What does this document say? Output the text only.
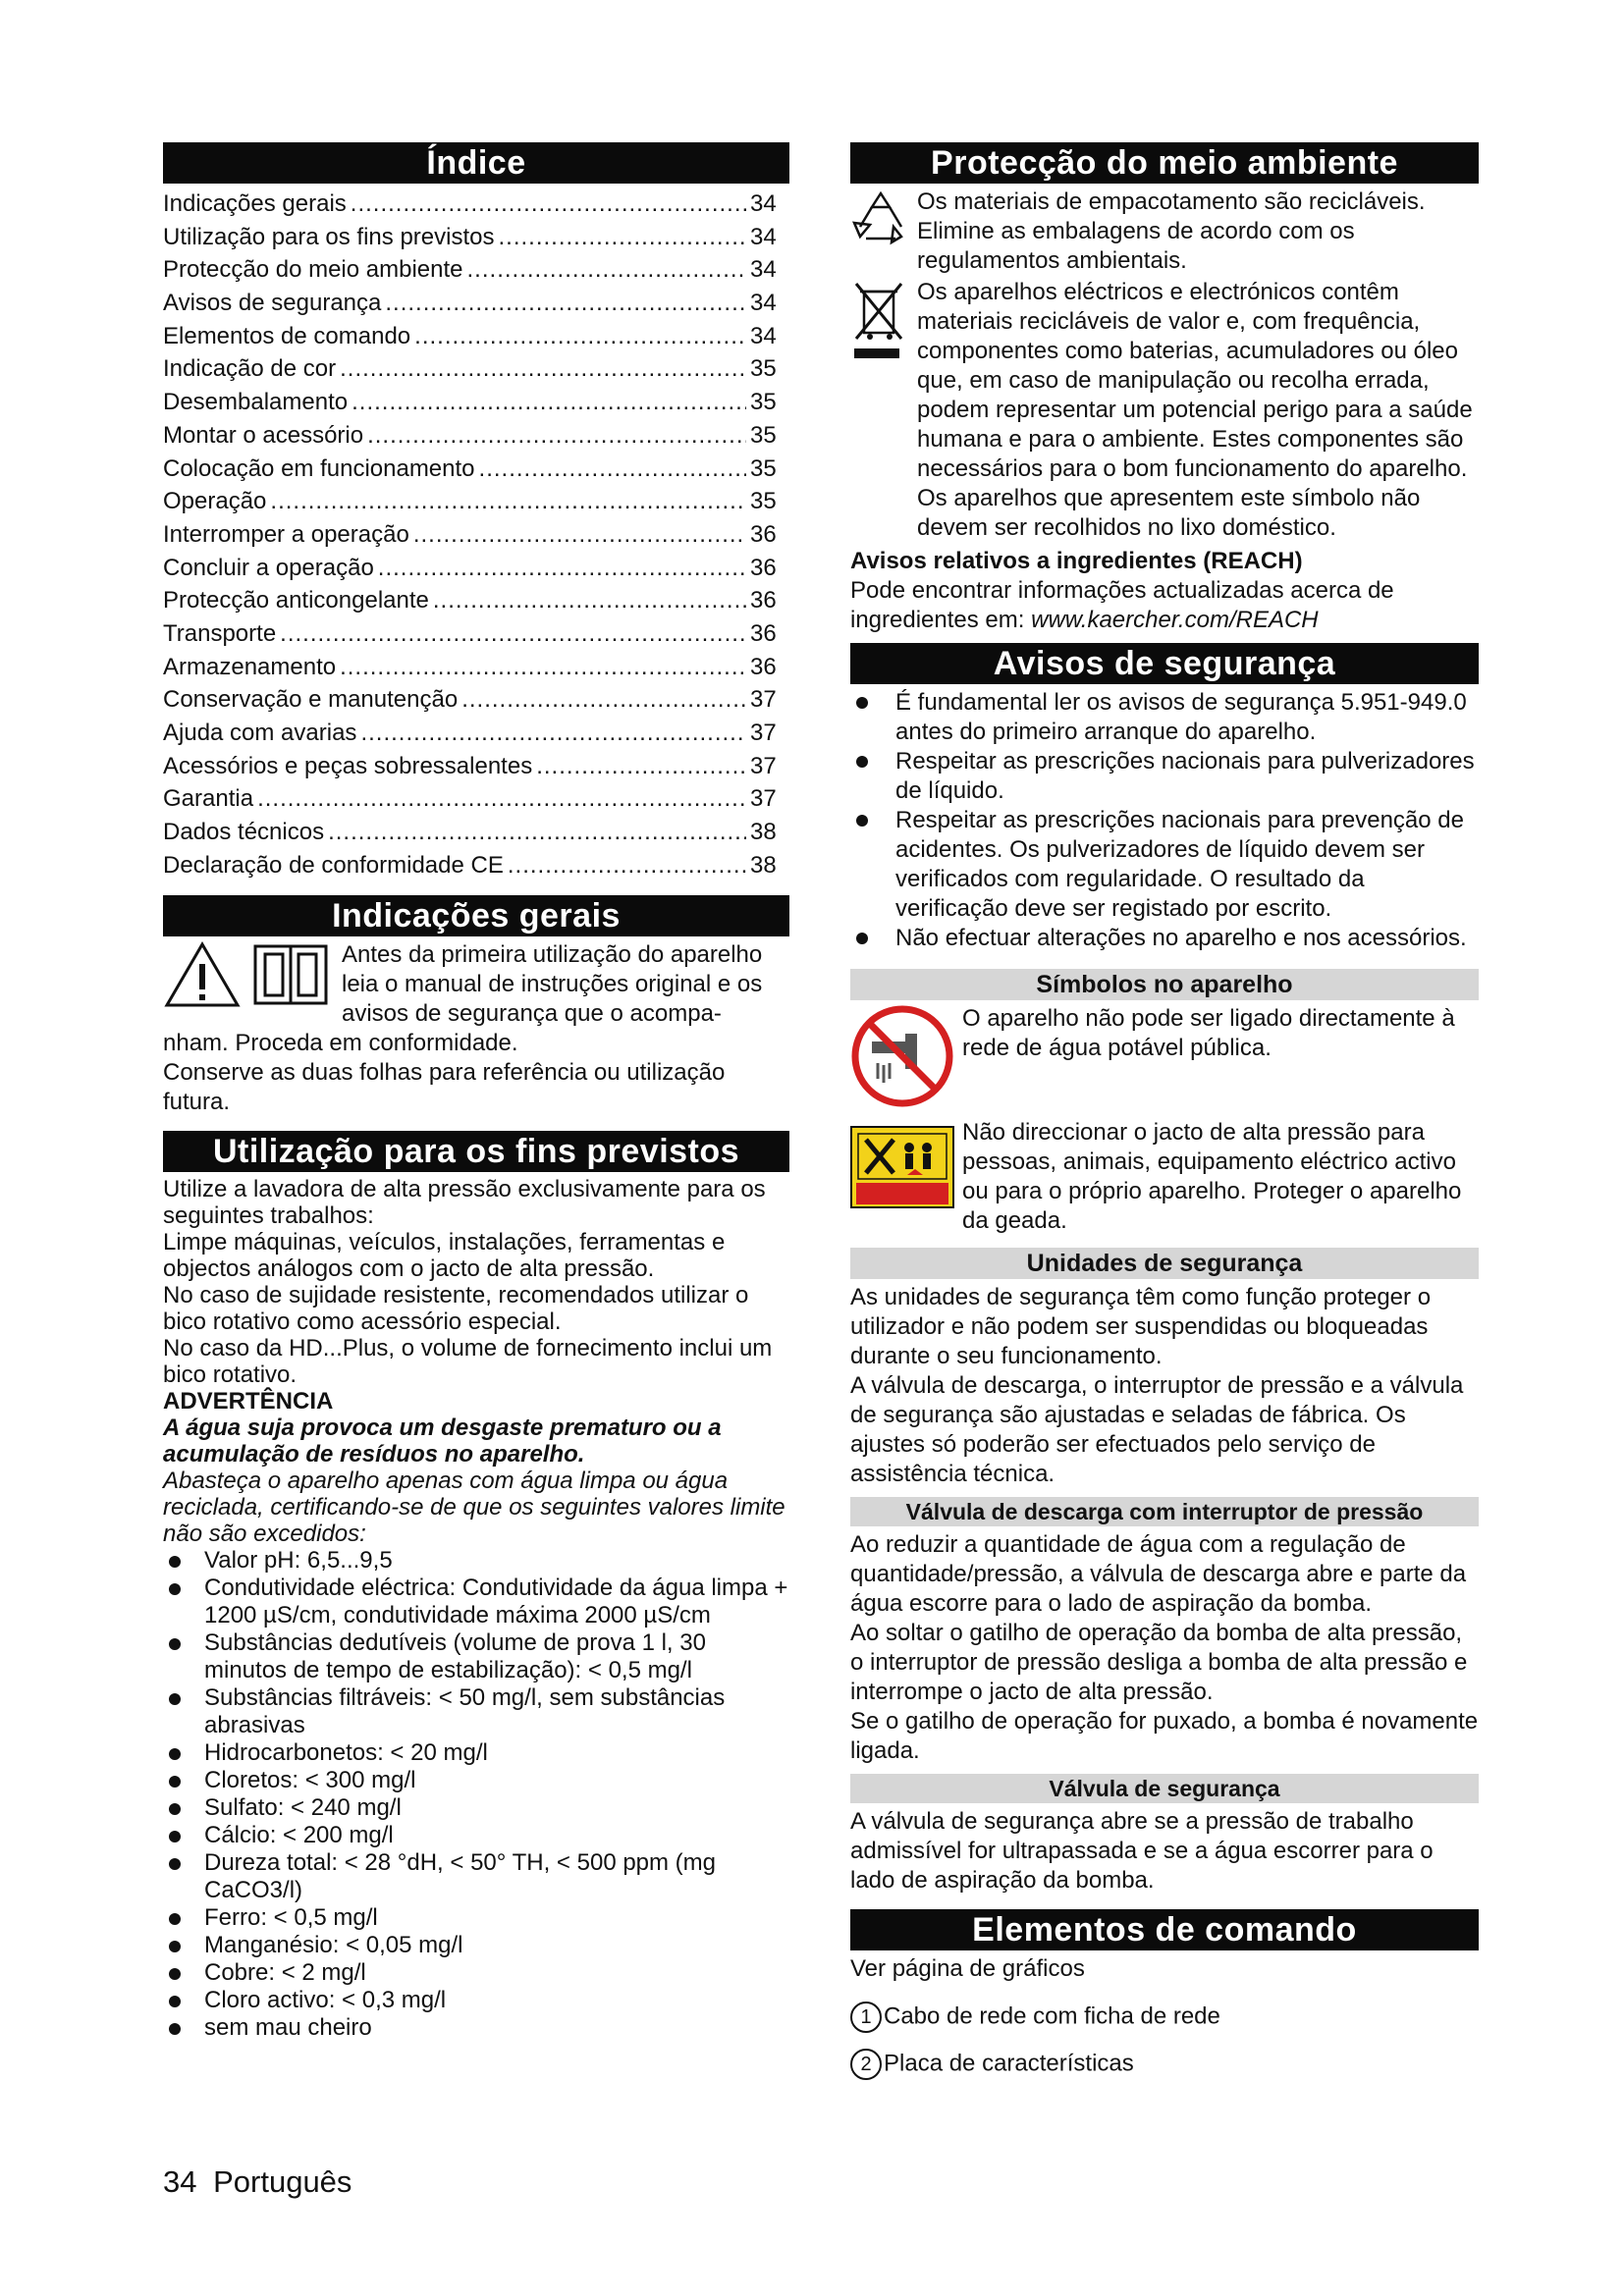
Índice
Indicações gerais .....	34
Utilização para os fins previstos .....	34
Protecção do meio ambiente .....	34
Avisos de segurança .....	34
Elementos de comando .....	34
Indicação de cor .....	35
Desembalamento .....	35
Montar o acessório .....	35
Colocação em funcionamento .....	35
Operação .....	35
Interromper a operação .....	36
Concluir a operação .....	36
Protecção anticongelante .....	36
Transporte .....	36
Armazenamento .....	36
Conservação e manutenção .....	37
Ajuda com avarias .....	37
Acessórios e peças sobressalentes .....	37
Garantia .....	37
Dados técnicos .....	38
Declaração de conformidade CE .....	38
Indicações gerais

Antes da primeira utilização do aparelho leia o manual de instruções original e os avisos de segurança que o acompa-

nham. Proceda em conformidade.

Conserve as duas folhas para referência ou utilização futura.

Utilização para os fins previstos

Utilize a lavadora de alta pressão exclusivamente para os seguintes trabalhos:

Limpe máquinas, veículos, instalações, ferramentas e objectos análogos com o jacto de alta pressão.

No caso de sujidade resistente, recomendados utilizar o bico rotativo como acessório especial.

No caso da HD...Plus, o volume de fornecimento inclui um bico rotativo.

ADVERTÊNCIA

A água suja provoca um desgaste prematuro ou a acumulação de resíduos no aparelho.

Abasteça o aparelho apenas com água limpa ou água reciclada, certificando-se de que os seguintes valores limite não são excedidos:

Valor pH: 6,5...9,5
Condutividade eléctrica: Condutividade da água limpa + 1200 µS/cm, condutividade máxima 2000 µS/cm
Substâncias dedutíveis (volume de prova 1 l, 30 minutos de tempo de estabilização): < 0,5 mg/l
Substâncias filtráveis: < 50 mg/l, sem substâncias abrasivas
Hidrocarbonetos: < 20 mg/l
Cloretos: < 300 mg/l
Sulfato: < 240 mg/l
Cálcio: < 200 mg/l
Dureza total: < 28 °dH, < 50° TH, < 500 ppm (mg CaCO3/l)
Ferro: < 0,5 mg/l
Manganésio: < 0,05 mg/l
Cobre: < 2 mg/l
Cloro activo: < 0,3 mg/l
sem mau cheiro
Protecção do meio ambiente

Os materiais de empacotamento são recicláveis. Elimine as embalagens de acordo com os regulamentos ambientais.

Os aparelhos eléctricos e electrónicos contêm materiais recicláveis de valor e, com frequência, componentes como baterias, acumuladores ou óleo que, em caso de manipulação ou recolha errada, podem representar um potencial perigo para a saúde humana e para o ambiente. Estes componentes são necessários para o bom funcionamento do aparelho. Os aparelhos que apresentem este símbolo não devem ser recolhidos no lixo doméstico.

Avisos relativos a ingredientes (REACH)

Pode encontrar informações actualizadas acerca de ingredientes em: www.kaercher.com/REACH

Avisos de segurança
É fundamental ler os avisos de segurança 5.951-949.0 antes do primeiro arranque do aparelho.
Respeitar as prescrições nacionais para pulverizadores de líquido.
Respeitar as prescrições nacionais para prevenção de acidentes. Os pulverizadores de líquido devem ser verificados com regularidade. O resultado da verificação deve ser registado por escrito.
Não efectuar alterações no aparelho e nos acessórios.
Símbolos no aparelho

O aparelho não pode ser ligado directamente à rede de água potável pública.

Não direccionar o jacto de alta pressão para pessoas, animais, equipamento eléctrico activo ou para o próprio aparelho. Proteger o aparelho da geada.

Unidades de segurança

As unidades de segurança têm como função proteger o utilizador e não podem ser suspendidas ou bloqueadas durante o seu funcionamento.

A válvula de descarga, o interruptor de pressão e a válvula de segurança são ajustadas e seladas de fábrica. Os ajustes só poderão ser efectuados pelo serviço de assistência técnica.

Válvula de descarga com interruptor de pressão

Ao reduzir a quantidade de água com a regulação de quantidade/pressão, a válvula de descarga abre e parte da água escorre para o lado de aspiração da bomba.

Ao soltar o gatilho de operação da bomba de alta pressão, o interruptor de pressão desliga a bomba de alta pressão e interrompe o jacto de alta pressão.

Se o gatilho de operação for puxado, a bomba é novamente ligada.

Válvula de segurança

A válvula de segurança abre se a pressão de trabalho admissível for ultrapassada e se a água escorrer para o lado de aspiração da bomba.

Elementos de comando

Ver página de gráficos

1 Cabo de rede com ficha de rede
2 Placa de características
34 Português
